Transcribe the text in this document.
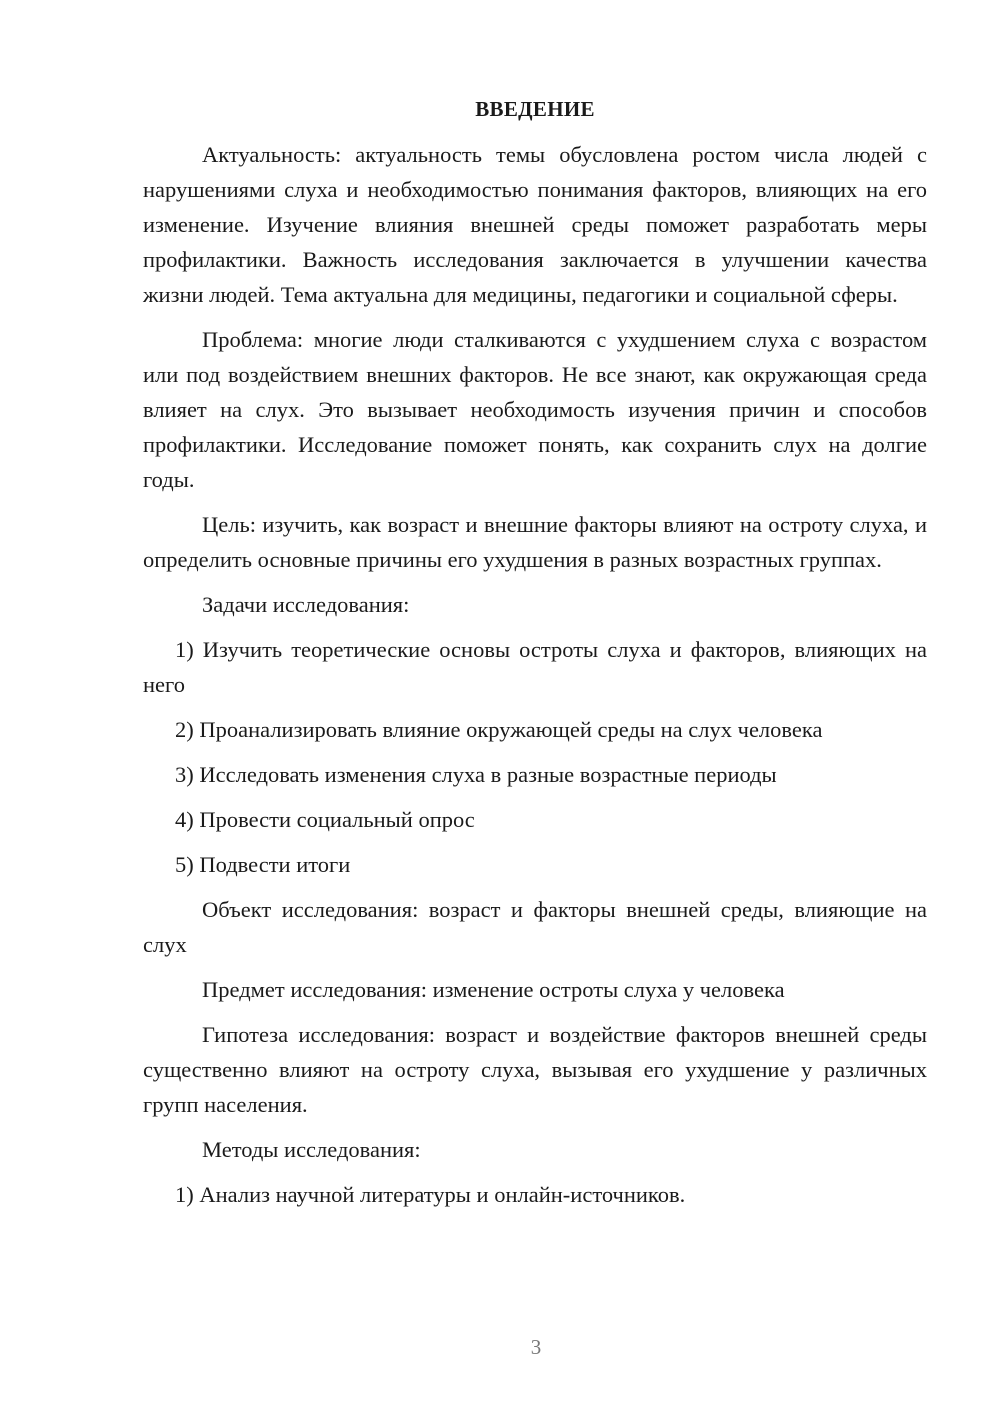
ВВЕДЕНИЕ

Актуальность: актуальность темы обусловлена ростом числа людей с нарушениями слуха и необходимостью понимания факторов, влияющих на его изменение. Изучение влияния внешней среды поможет разработать меры профилактики. Важность исследования заключается в улучшении качества жизни людей. Тема актуальна для медицины, педагогики и социальной сферы.

Проблема: многие люди сталкиваются с ухудшением слуха с возрастом или под воздействием внешних факторов. Не все знают, как окружающая среда влияет на слух. Это вызывает необходимость изучения причин и способов профилактики. Исследование поможет понять, как сохранить слух на долгие годы.

Цель: изучить, как возраст и внешние факторы влияют на остроту слуха, и определить основные причины его ухудшения в разных возрастных группах.

Задачи исследования:

1) Изучить теоретические основы остроты слуха и факторов, влияющих на него

2) Проанализировать влияние окружающей среды на слух человека

3) Исследовать изменения слуха в разные возрастные периоды

4) Провести социальный опрос

5) Подвести итоги

Объект исследования: возраст и факторы внешней среды, влияющие на слух

Предмет исследования: изменение остроты слуха у человека

Гипотеза исследования: возраст и воздействие факторов внешней среды существенно влияют на остроту слуха, вызывая его ухудшение у различных групп населения.

Методы исследования:

1) Анализ научной литературы и онлайн-источников.

3
